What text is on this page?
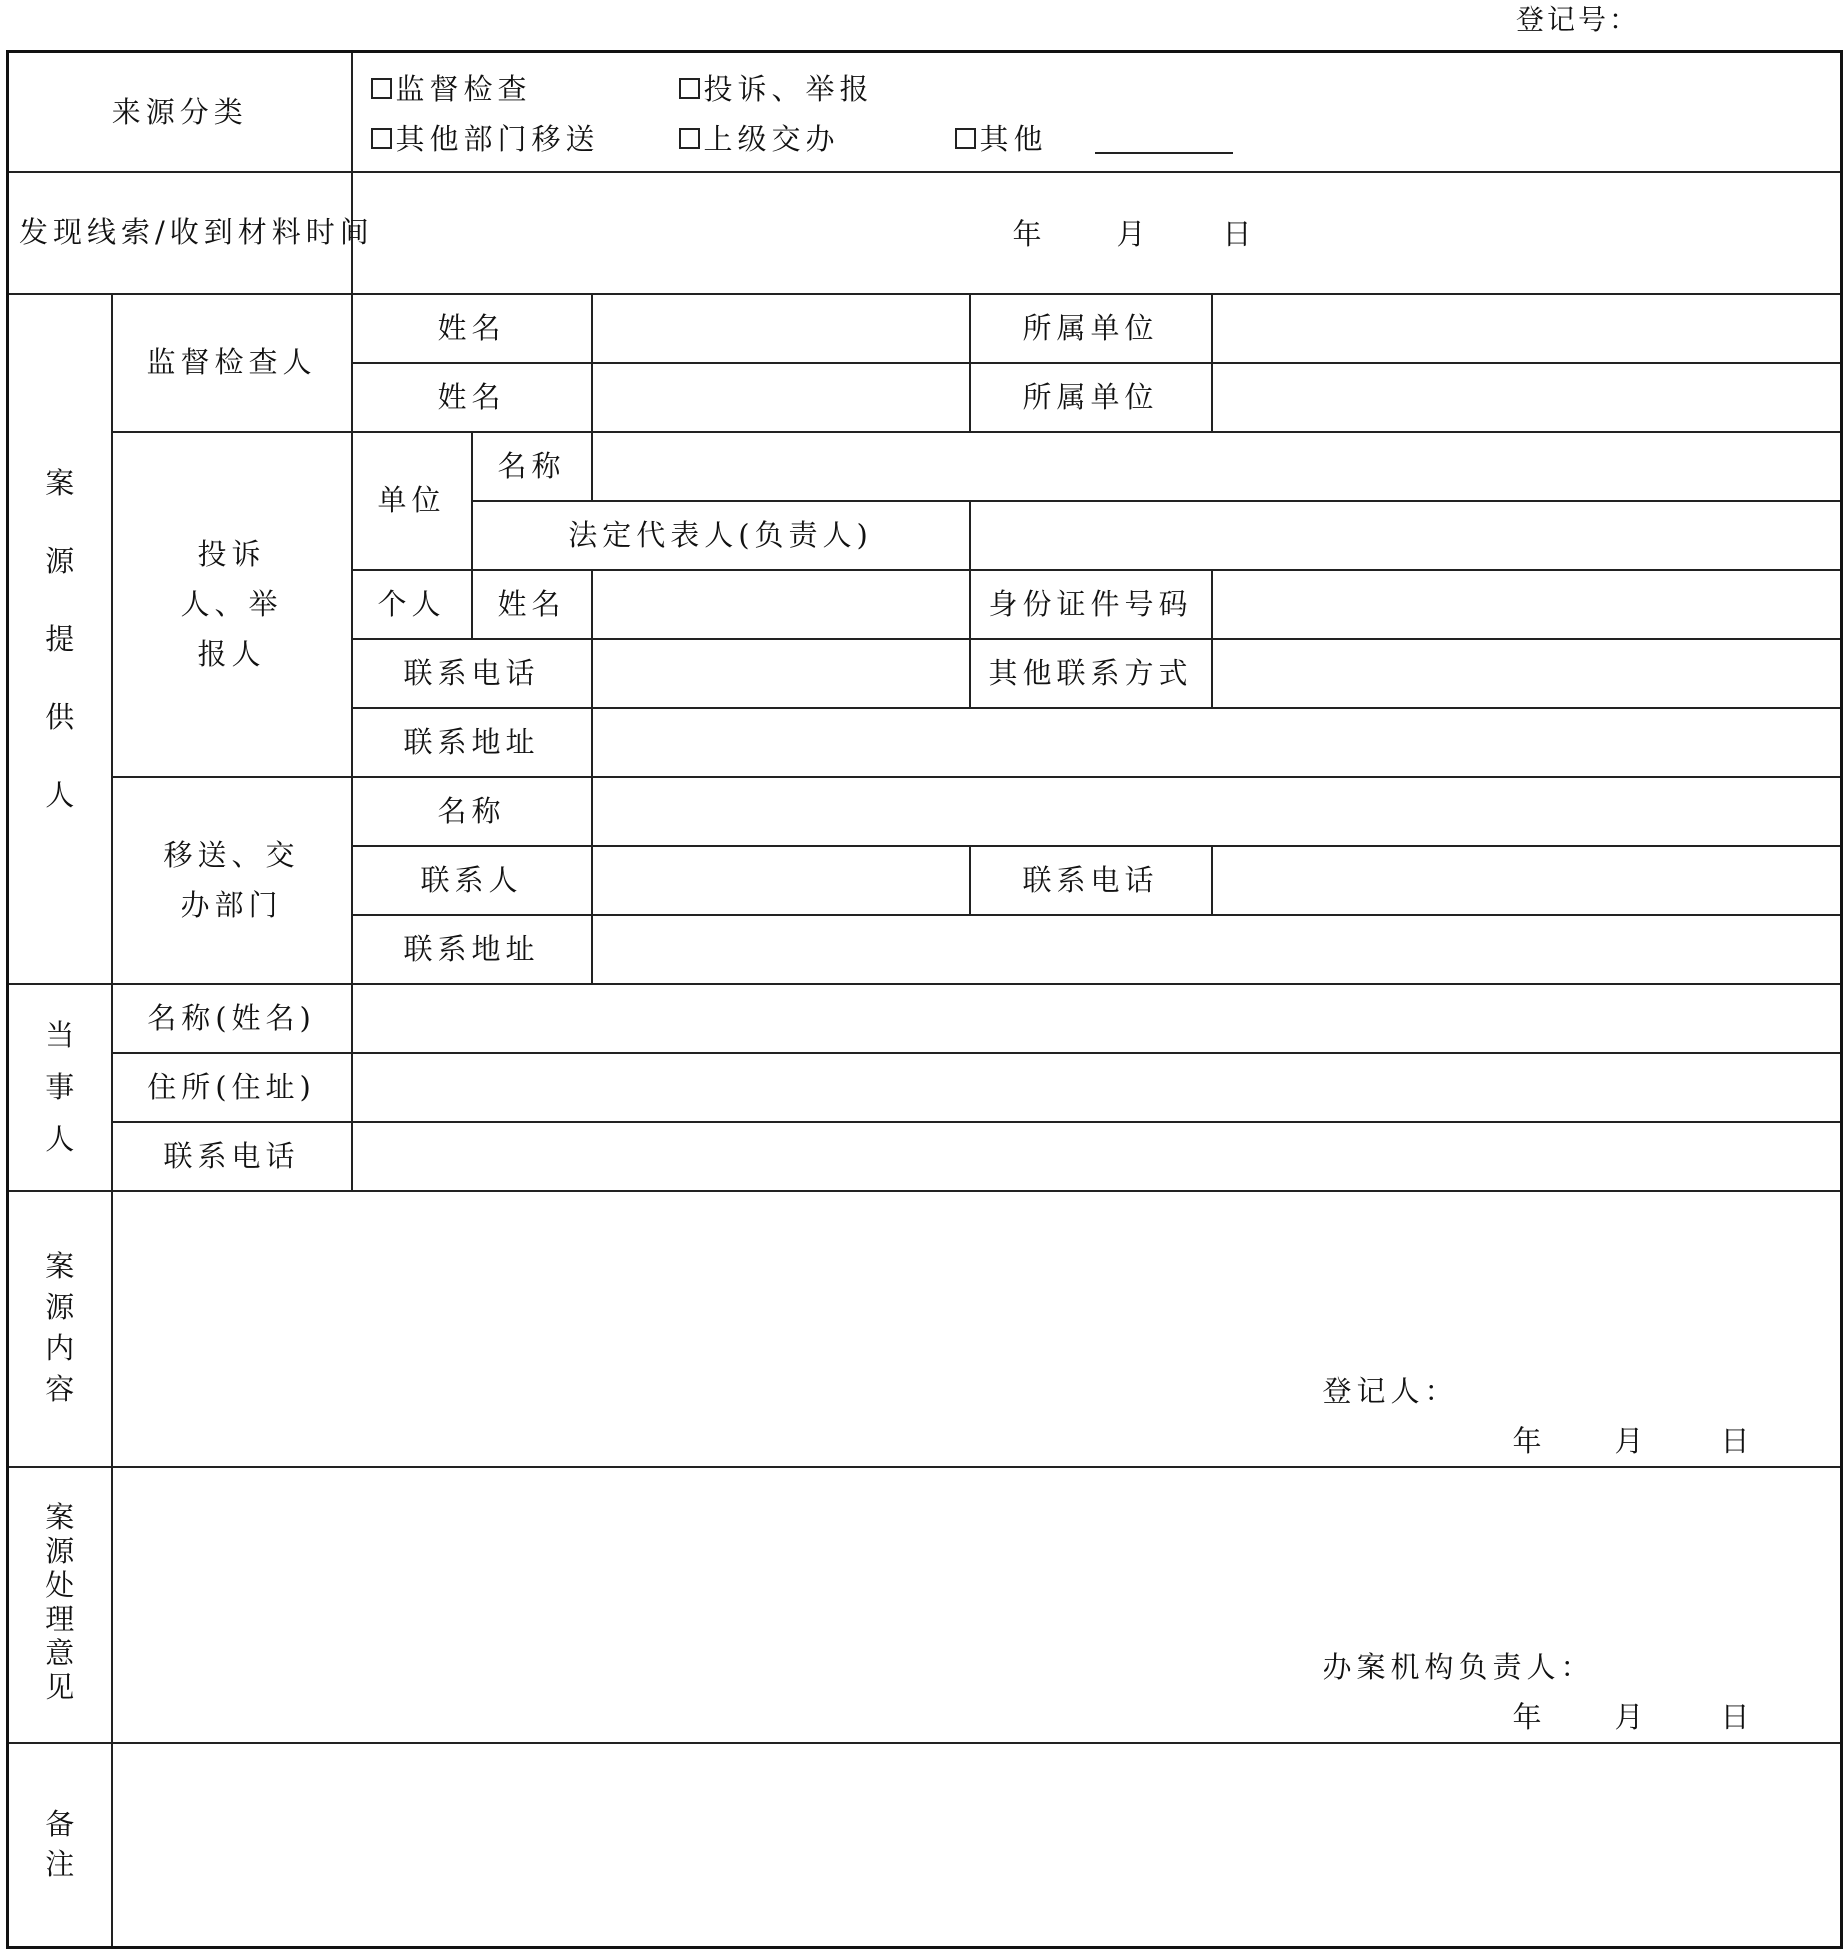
登记号：
来源分类		监督检查 投诉、举报
其他部门移送 上级交办 其他				

发现线索/收到材料时间		年 月 日				

案源提供人	监督检查人	姓名			所属单位	
		姓名			所属单位	
	投诉人、举报人	单位	名称			
			法定代表人(负责人)			
		个人	姓名		身份证件号码	
		联系电话			其他联系方式	
		联系地址				
	移送、交办部门	名称				
		联系人			联系电话	
		联系地址				
当事人	名称(姓名)					
	住所(住址)					
	联系电话					
案源内容	登记人：
年 月 日					

案源处理意见	办案机构负责人：
年 月 日					

备注						
